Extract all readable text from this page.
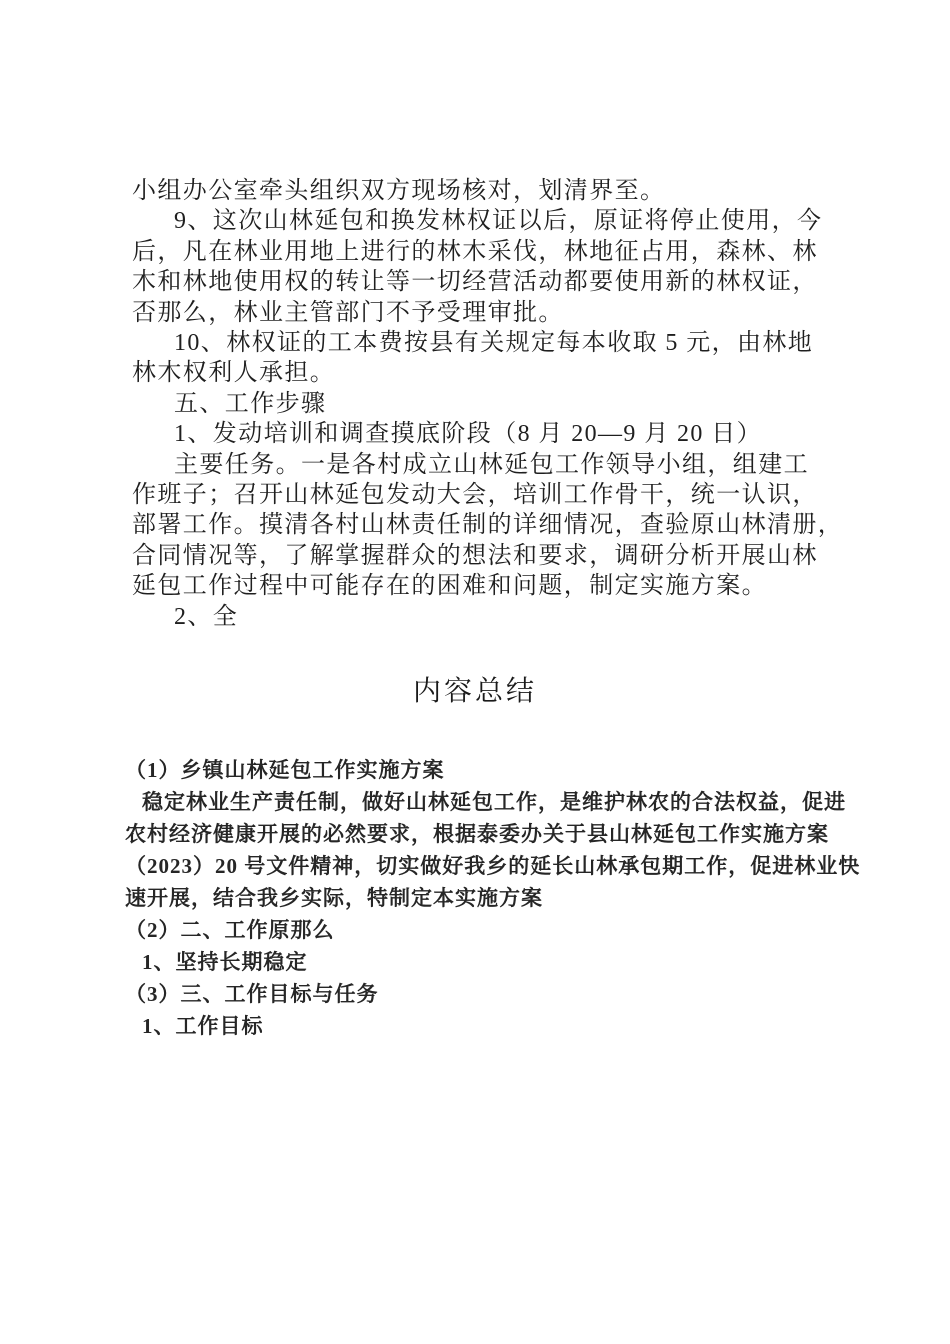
小组办公室牵头组织双方现场核对，划清界至。
9、这次山林延包和换发林权证以后，原证将停止使用，今
后，凡在林业用地上进行的林木采伐，林地征占用，森林、林
木和林地使用权的转让等一切经营活动都要使用新的林权证，
否那么，林业主管部门不予受理审批。
10、林权证的工本费按县有关规定每本收取 5 元，由林地
林木权利人承担。
五、工作步骤
1、发动培训和调查摸底阶段（8 月 20—9 月 20 日）
主要任务。一是各村成立山林延包工作领导小组，组建工
作班子；召开山林延包发动大会，培训工作骨干，统一认识，
部署工作。摸清各村山林责任制的详细情况，查验原山林清册，
合同情况等，了解掌握群众的想法和要求，调研分析开展山林
延包工作过程中可能存在的困难和问题，制定实施方案。
2、全
内容总结
（1）乡镇山林延包工作实施方案
稳定林业生产责任制，做好山林延包工作，是维护林农的合法权益，促进
农村经济健康开展的必然要求，根据泰委办关于县山林延包工作实施方案
（2023）20 号文件精神，切实做好我乡的延长山林承包期工作，促进林业快
速开展，结合我乡实际，特制定本实施方案
（2）二、工作原那么
1、坚持长期稳定
（3）三、工作目标与任务
1、工作目标
